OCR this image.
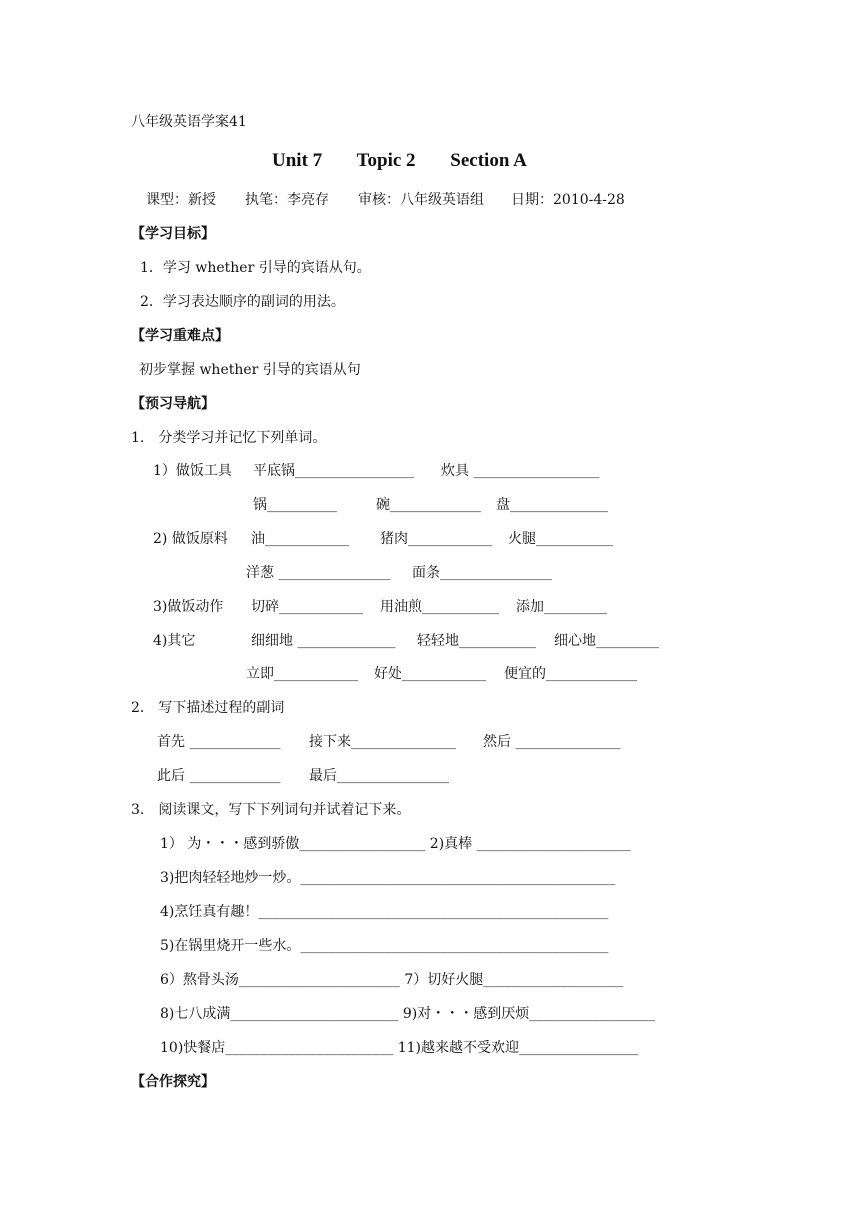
八年级英语学案41
Unit 7 Topic 2 Section A
课型：新授 执笔：李亮存 审核：八年级英语组 日期：2010-4-28
【学习目标】
1．学习 whether 引导的宾语从句。
2．学习表达顺序的副词的用法。
【学习重难点】
初步掌握 whether 引导的宾语从句
【预习导航】
1.　分类学习并记忆下列单词。
1）做饭工具 平底锅_________________ 炊具 __________________
锅__________	碗_____________ 盘______________
2) 做饭原料 油____________ 猪肉____________ 火腿___________
洋葱 ________________ 面条________________
3)做饭动作 切碎____________ 用油煎___________ 添加_________
4)其它	细细地 ______________ 轻轻地___________ 细心地_________
立即____________ 好处____________ 便宜的_____________
2.　写下描述过程的副词
首先 _____________ 接下来_______________ 然后 _______________
此后 _____________ 最后________________
3.　阅读课文，写下下列词句并试着记下来。
1） 为・・・感到骄傲__________________ 2)真棒 ______________________
3)把肉轻轻地炒一炒。_____________________________________________
4)烹饪真有趣！__________________________________________________
5)在锅里烧开一些水。____________________________________________
6）熬骨头汤_______________________ 7）切好火腿____________________
8)七八成满________________________ 9)对・・・感到厌烦__________________
10)快餐店________________________ 11)越来越不受欢迎_________________
【合作探究】
